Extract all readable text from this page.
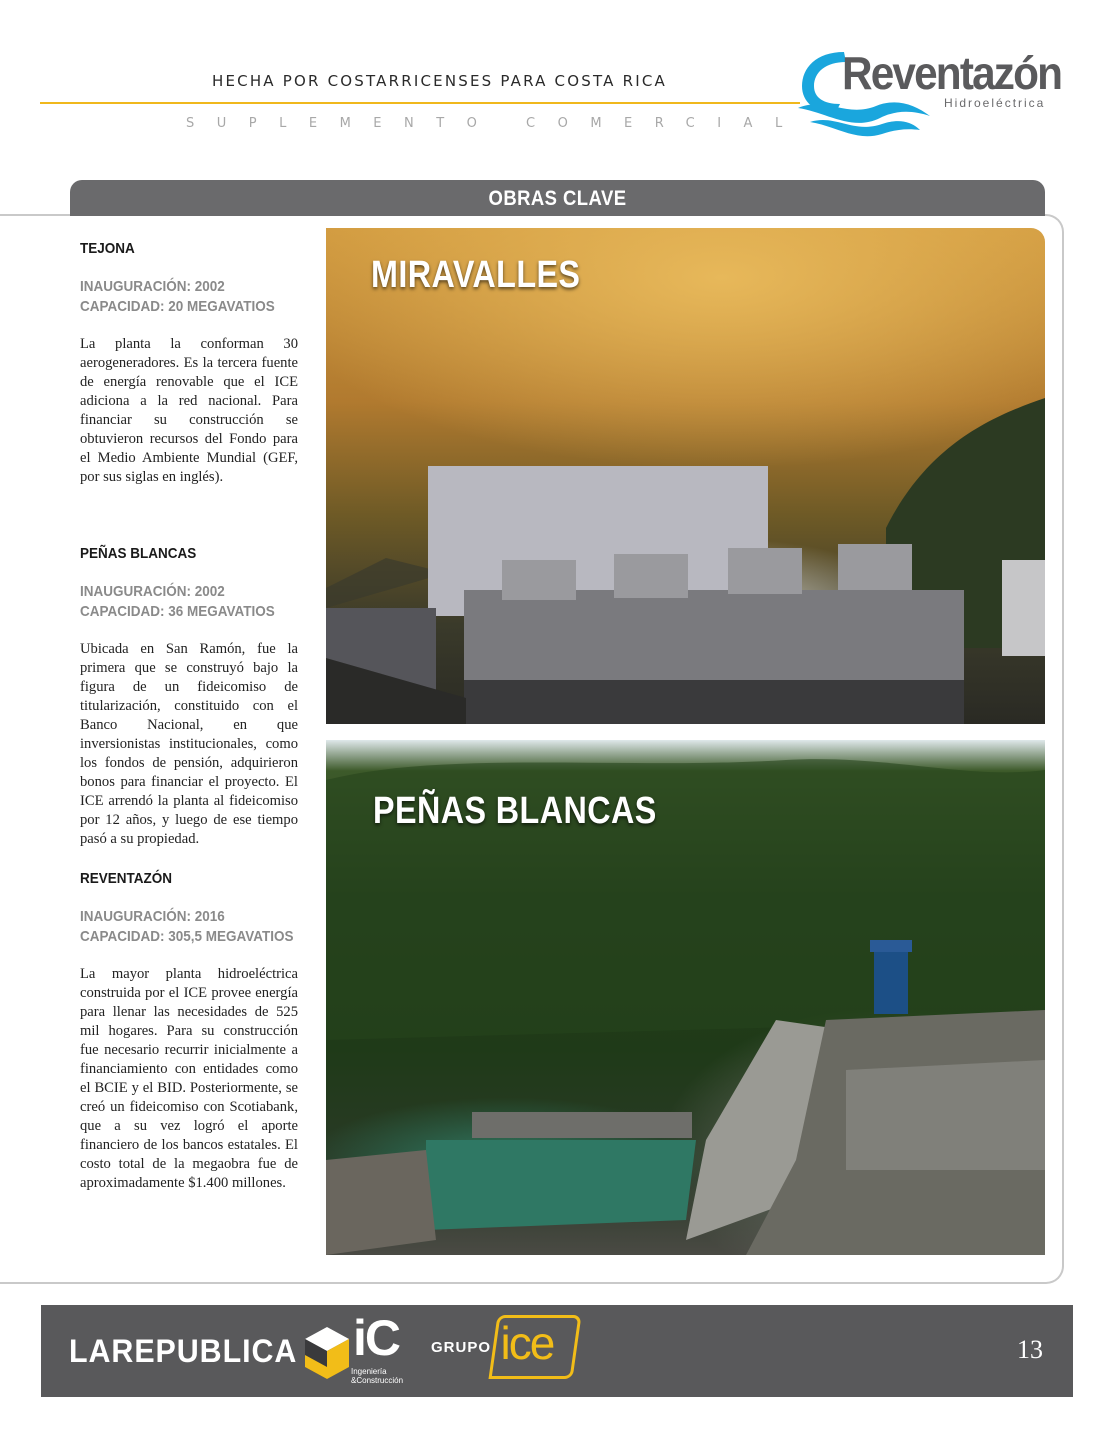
HECHA POR COSTARRICENSES PARA COSTA RICA
SUPLEMENTO COMERCIAL
Reventazón
Hidroeléctrica
OBRAS CLAVE
TEJONA
INAUGURACIÓN: 2002
CAPACIDAD: 20 MEGAVATIOS
La planta la conforman 30 aerogeneradores. Es la tercera fuente de energía renovable que el ICE adiciona a la red nacional. Para financiar su construcción se obtuvieron recursos del Fondo para el Medio Ambiente Mundial (GEF, por sus siglas en inglés).
PEÑAS BLANCAS
INAUGURACIÓN: 2002
CAPACIDAD: 36 MEGAVATIOS
Ubicada en San Ramón, fue la primera que se construyó bajo la figura de un fideicomiso de titularización, constituido con el Banco Nacional, en que inversionistas institucionales, como los fondos de pensión, adquirieron bonos para financiar el proyecto. El ICE arrendó la planta al fideicomiso por 12 años, y luego de ese tiempo pasó a su propiedad.
REVENTAZÓN
INAUGURACIÓN: 2016
CAPACIDAD: 305,5 MEGAVATIOS
La mayor planta hidroeléctrica construida por el ICE provee energía para llenar las necesidades de 525 mil hogares. Para su construcción fue necesario recurrir inicialmente a financiamiento con entidades como el BCIE y el BID. Posteriormente, se creó un fideicomiso con Scotiabank, que a su vez logró el aporte financiero de los bancos estatales. El costo total de la megaobra fue de aproximadamente $1.400 millones.
MIRAVALLES
PEÑAS BLANCAS
LAREPUBLICA iC
Ingeniería
&Construcción
GRUPO ice	13
